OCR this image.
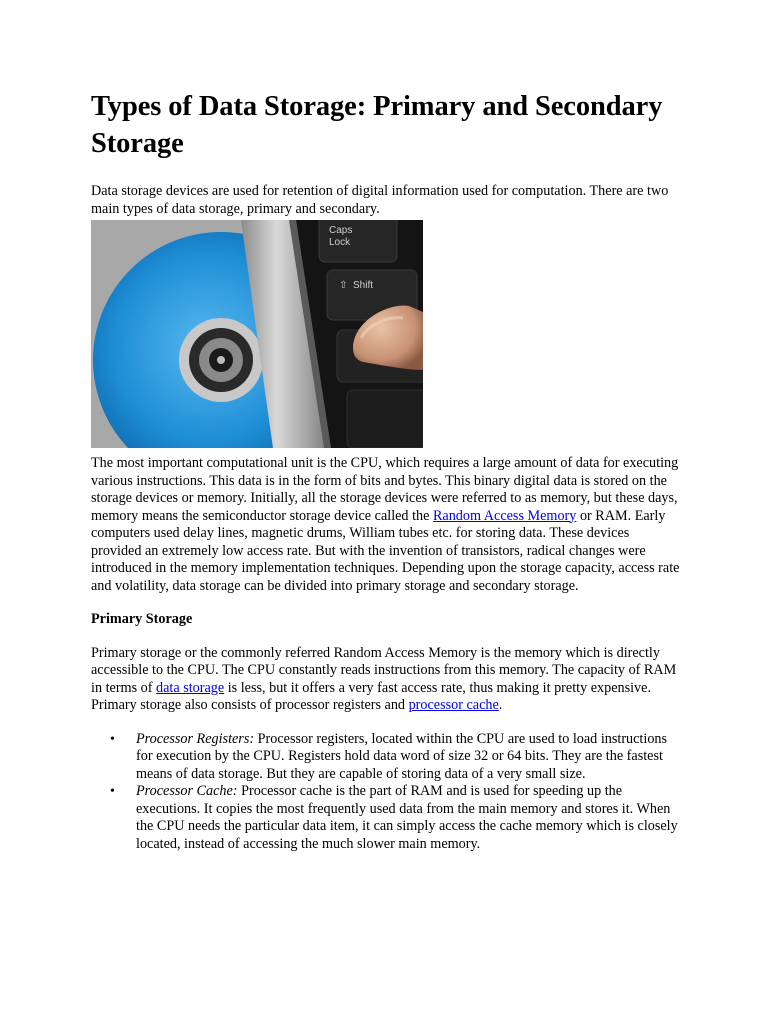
Types of Data Storage: Primary and Secondary Storage

Data storage devices are used for retention of digital information used for computation. There are two main types of data storage, primary and secondary.

Caps
Lock
⇧ Shift

The most important computational unit is the CPU, which requires a large amount of data for executing various instructions. This data is in the form of bits and bytes. This binary digital data is stored on the storage devices or memory. Initially, all the storage devices were referred to as memory, but these days, memory means the semiconductor storage device called the Random Access Memory or RAM. Early computers used delay lines, magnetic drums, William tubes etc. for storing data. These devices provided an extremely low access rate. But with the invention of transistors, radical changes were introduced in the memory implementation techniques. Depending upon the storage capacity, access rate and volatility, data storage can be divided into primary storage and secondary storage.

Primary Storage

Primary storage or the commonly referred Random Access Memory is the memory which is directly accessible to the CPU. The CPU constantly reads instructions from this memory. The capacity of RAM in terms of data storage is less, but it offers a very fast access rate, thus making it pretty expensive. Primary storage also consists of processor registers and processor cache.

• Processor Registers: Processor registers, located within the CPU are used to load instructions for execution by the CPU. Registers hold data word of size 32 or 64 bits. They are the fastest means of data storage. But they are capable of storing data of a very small size.
• Processor Cache: Processor cache is the part of RAM and is used for speeding up the executions. It copies the most frequently used data from the main memory and stores it. When the CPU needs the particular data item, it can simply access the cache memory which is closely located, instead of accessing the much slower main memory.
